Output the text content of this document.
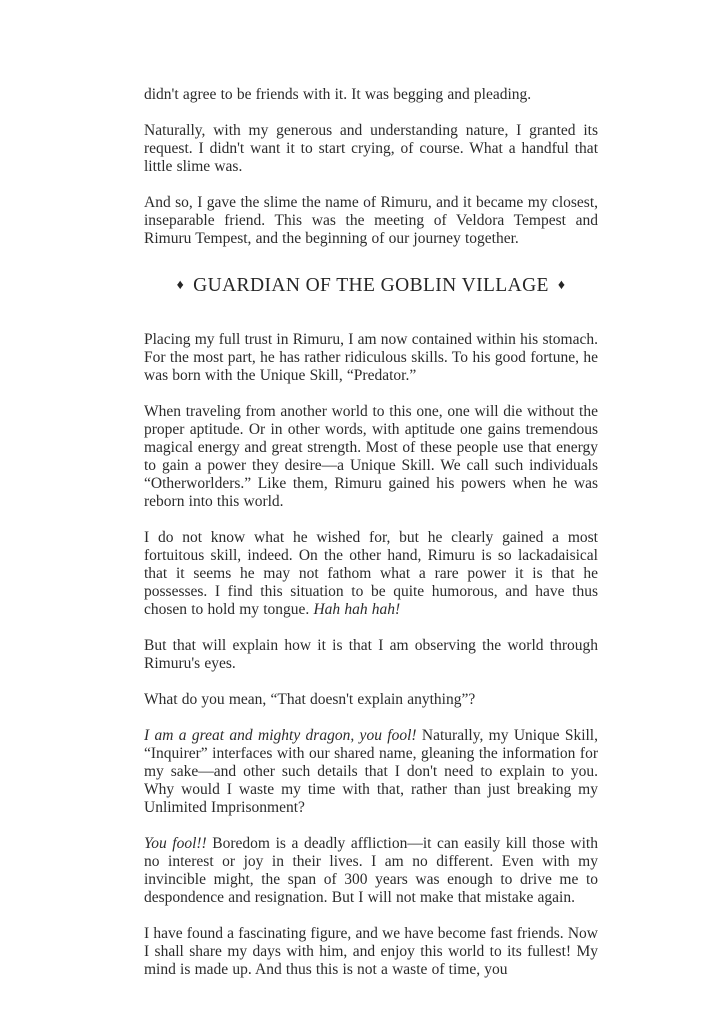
didn't agree to be friends with it. It was begging and pleading.

Naturally, with my generous and understanding nature, I granted its request. I didn't want it to start crying, of course. What a handful that little slime was.

And so, I gave the slime the name of Rimuru, and it became my closest, inseparable friend. This was the meeting of Veldora Tempest and Rimuru Tempest, and the beginning of our journey together.

♦ GUARDIAN OF THE GOBLIN VILLAGE ♦

Placing my full trust in Rimuru, I am now contained within his stomach. For the most part, he has rather ridiculous skills. To his good fortune, he was born with the Unique Skill, “Predator.”

When traveling from another world to this one, one will die without the proper aptitude. Or in other words, with aptitude one gains tremendous magical energy and great strength. Most of these people use that energy to gain a power they desire—a Unique Skill. We call such individuals “Otherworlders.” Like them, Rimuru gained his powers when he was reborn into this world.

I do not know what he wished for, but he clearly gained a most fortuitous skill, indeed. On the other hand, Rimuru is so lackadaisical that it seems he may not fathom what a rare power it is that he possesses. I find this situation to be quite humorous, and have thus chosen to hold my tongue. Hah hah hah!

But that will explain how it is that I am observing the world through Rimuru's eyes.

What do you mean, “That doesn't explain anything”?

I am a great and mighty dragon, you fool! Naturally, my Unique Skill, “Inquirer” interfaces with our shared name, gleaning the information for my sake—and other such details that I don't need to explain to you. Why would I waste my time with that, rather than just breaking my Unlimited Imprisonment?

You fool!! Boredom is a deadly affliction—it can easily kill those with no interest or joy in their lives. I am no different. Even with my invincible might, the span of 300 years was enough to drive me to despondence and resignation. But I will not make that mistake again.

I have found a fascinating figure, and we have become fast friends. Now I shall share my days with him, and enjoy this world to its fullest! My mind is made up. And thus this is not a waste of time, you
